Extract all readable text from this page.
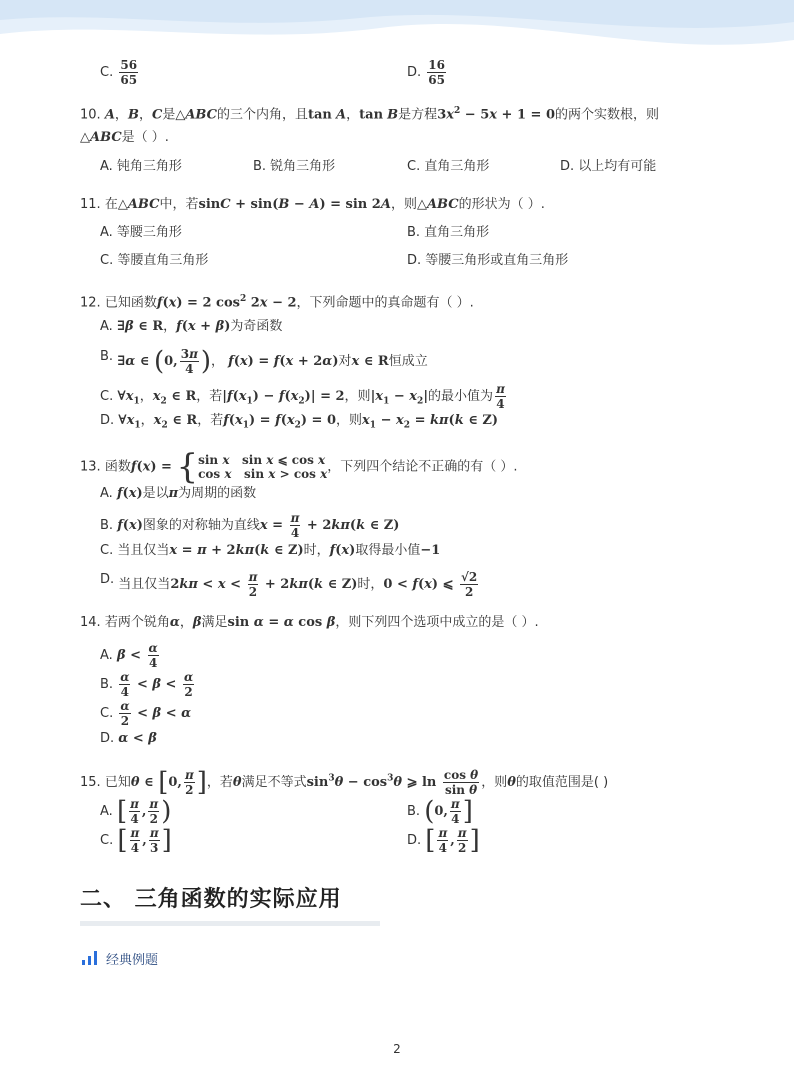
C. $\frac{56}{65}$	D. $\frac{16}{65}$
10. A，B，C是△ABC的三个内角，且tan A，tan B是方程$3x^2 - 5x + 1 = 0$的两个实数根，则
△ABC是（ ）.
A. 钝角三角形	B. 锐角三角形	C. 直角三角形	D. 以上均有可能
11. 在△ABC中，若sinC + sin(B − A) = sin 2A，则△ABC的形状为（ ）.
A. 等腰三角形	B. 直角三角形
C. 等腰直角三角形	D. 等腰三角形或直角三角形
12. 已知函数f(x) = 2 $\cos^2 2x - 2$，下列命题中的真命题有（ ）.
A. ∃β ∈ R，f(x + β)为奇函数
B. ∃α ∈ (0, $\frac{3\pi}{4}$ )， f(x) = f(x + 2α)对x ∈ R恒成立
C. $\forall x_1$，$x_2$ ∈ R，若$|f(x_1) - f(x_2)| = 2$，则$|x_1 - x_2|$的最小值为 $\frac{\pi}{4}$
D. $\forall x_1$，$x_2$ ∈ R，若$f(x_1) = f(x_2) = 0$，则$x_1 - x_2 = k\pi(k$ ∈ Z)
13. 函数f(x) = {sin x   sin x ⩽ cos x
cos x   sin x > cos x，下列四个结论不正确的有（ ）.
A. f(x)是以π为周期的函数
B. f(x)图象的对称轴为直线$x = \frac{\pi}{4} + 2k\pi(k$ ∈ Z)
C. 当且仅当x = π + 2kπ(k ∈ Z)时，f(x)取得最小值−1
D. 当且仅当$2k\pi < x < \frac{\pi}{2} + 2k\pi(k$ ∈ Z)时，0 < f(x) ⩽ $\frac{√2}{2}$
14. 若两个锐角α，β满足sin α = α cos β，则下列四个选项中成立的是（ ）.
A. $\beta < \frac{\alpha}{4}$
B. $\frac{\alpha}{4} < \beta < \frac{\alpha}{2}$
C. $\frac{\alpha}{2} < \beta < \alpha$
D. α < β
15. 已知θ ∈ [0, $\frac{\pi}{2}$ ]，若θ满足不等式$\sin^3\theta - \cos^3\theta$ ⩾ $\ln \frac{\text{cos θ}}{\text{sin θ}}$ ，则θ的取值范围是( )
A. [ $\frac{\pi}{4}$ , $\frac{\pi}{2}$ )	B. (0, $\frac{\pi}{4}$ ]
C. [ $\frac{\pi}{4}$ , $\frac{\pi}{3}$ ]	D. [ $\frac{\pi}{4}$ , $\frac{\pi}{2}$ ]
二、 三角函数的实际应用
经典例题
2
